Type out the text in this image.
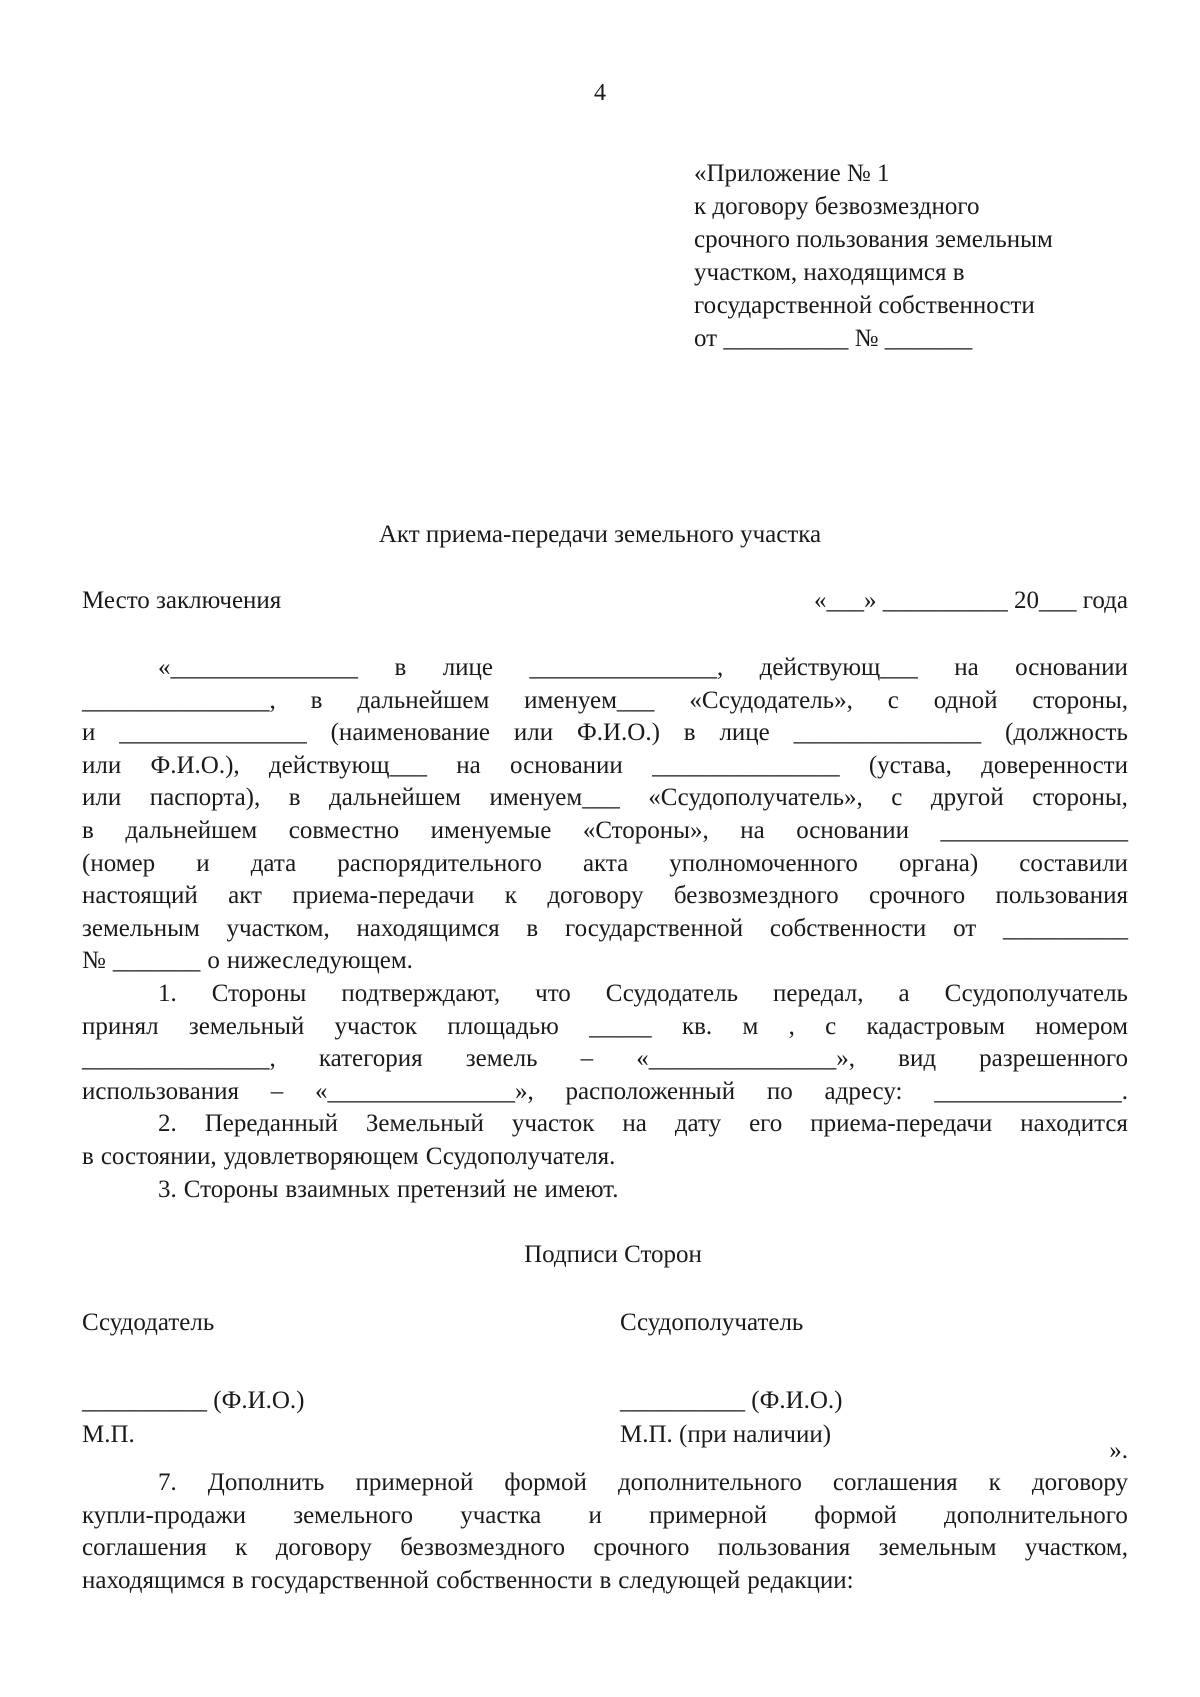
4
«Приложение № 1
к договору безвозмездного
срочного пользования земельным
участком, находящимся в
государственной собственности
от __________ № _______
Акт приема-передачи земельного участка
Место заключения	«___» __________ 20___ года
«_______________ в лице _______________, действующ___ на основании
_______________, в дальнейшем именуем___ «Ссудодатель», с одной стороны,
и _______________ (наименование или Ф.И.О.) в лице _______________ (должность
или Ф.И.О.), действующ___ на основании _______________ (устава, доверенности
или паспорта), в дальнейшем именуем___ «Ссудополучатель», с другой стороны,
в дальнейшем совместно именуемые «Стороны», на основании _______________
(номер и дата распорядительного акта уполномоченного органа) составили
настоящий акт приема-передачи к договору безвозмездного срочного пользования
земельным участком, находящимся в государственной собственности от __________
№ _______ о нижеследующем.
1. Стороны подтверждают, что Ссудодатель передал, а Ссудополучатель
принял земельный участок площадью _____ кв. м , с кадастровым номером
_______________, категория земель – «_______________», вид разрешенного
использования – «_______________», расположенный по адресу: _______________.
2. Переданный Земельный участок на дату его приема-передачи находится
в состоянии, удовлетворяющем Ссудополучателя.
3. Стороны взаимных претензий не имеют.
Подписи Сторон
Ссудодатель
__________ (Ф.И.О.)
М.П.
Ссудополучатель
__________ (Ф.И.О.)
М.П. (при наличии)
».
7. Дополнить примерной формой дополнительного соглашения к договору
купли-продажи земельного участка и примерной формой дополнительного
соглашения к договору безвозмездного срочного пользования земельным участком,
находящимся в государственной собственности в следующей редакции:
